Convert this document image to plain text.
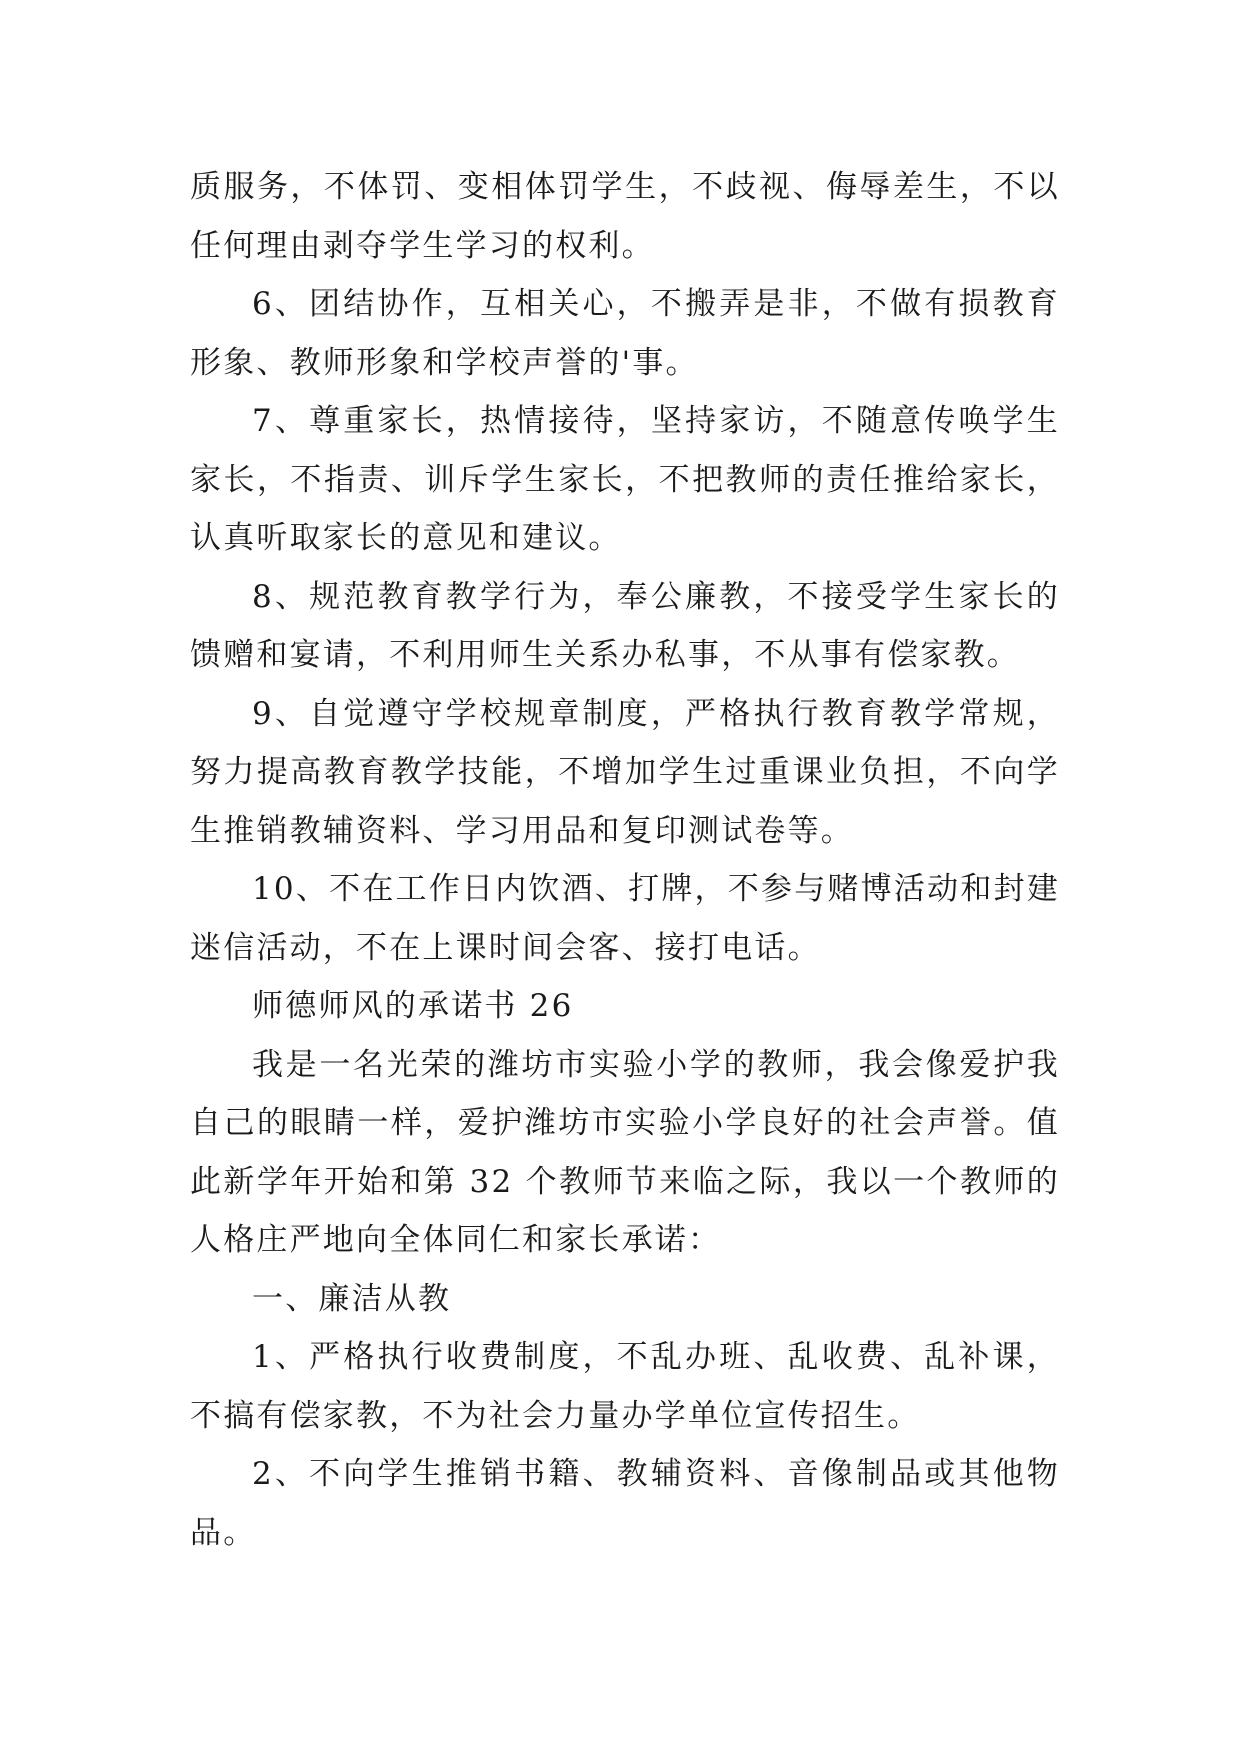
质服务，不体罚、变相体罚学生，不歧视、侮辱差生，不以任何理由剥夺学生学习的权利。

6、团结协作，互相关心，不搬弄是非，不做有损教育形象、教师形象和学校声誉的'事。

7、尊重家长，热情接待，坚持家访，不随意传唤学生家长，不指责、训斥学生家长，不把教师的责任推给家长，认真听取家长的意见和建议。

8、规范教育教学行为，奉公廉教，不接受学生家长的馈赠和宴请，不利用师生关系办私事，不从事有偿家教。

9、自觉遵守学校规章制度，严格执行教育教学常规，努力提高教育教学技能，不增加学生过重课业负担，不向学生推销教辅资料、学习用品和复印测试卷等。

10、不在工作日内饮酒、打牌，不参与赌博活动和封建迷信活动，不在上课时间会客、接打电话。

师德师风的承诺书 26

我是一名光荣的潍坊市实验小学的教师，我会像爱护我自己的眼睛一样，爱护潍坊市实验小学良好的社会声誉。值此新学年开始和第 32 个教师节来临之际，我以一个教师的人格庄严地向全体同仁和家长承诺：

一、廉洁从教

1、严格执行收费制度，不乱办班、乱收费、乱补课，不搞有偿家教，不为社会力量办学单位宣传招生。

2、不向学生推销书籍、教辅资料、音像制品或其他物品。
